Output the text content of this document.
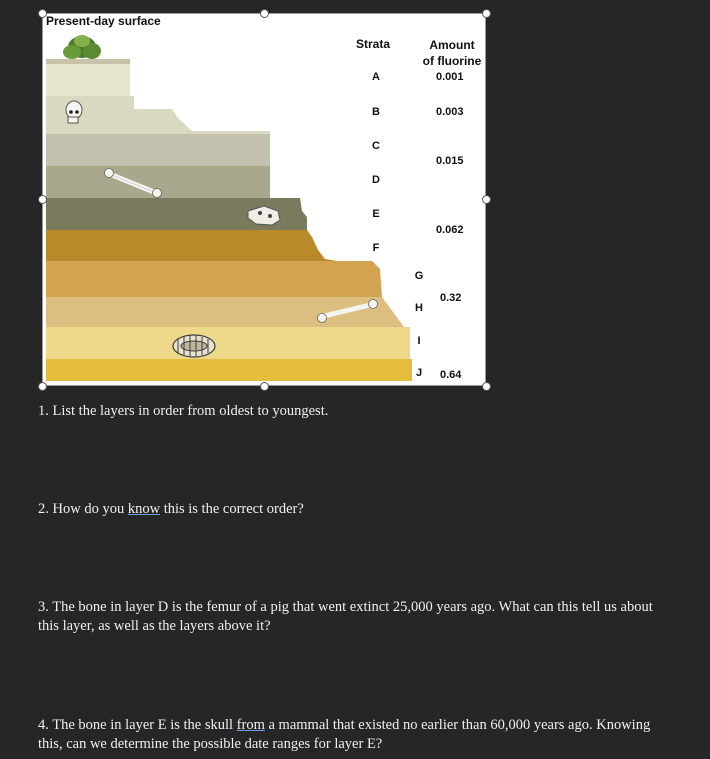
Present-day surface
Strata	Amount
of fluorine
A
B
C
D
E
F
G
H
I
J
0.001
0.003
0.015
0.062
0.32
0.64

1. List the layers in order from oldest to youngest.

2. How do you know this is the correct order?

3. The bone in layer D is the femur of a pig that went extinct 25,000 years ago. What can this tell us about
this layer, as well as the layers above it?
4. The bone in layer E is the skull from a mammal that existed no earlier than 60,000 years ago. Knowing
this, can we determine the possible date ranges for layer E?
